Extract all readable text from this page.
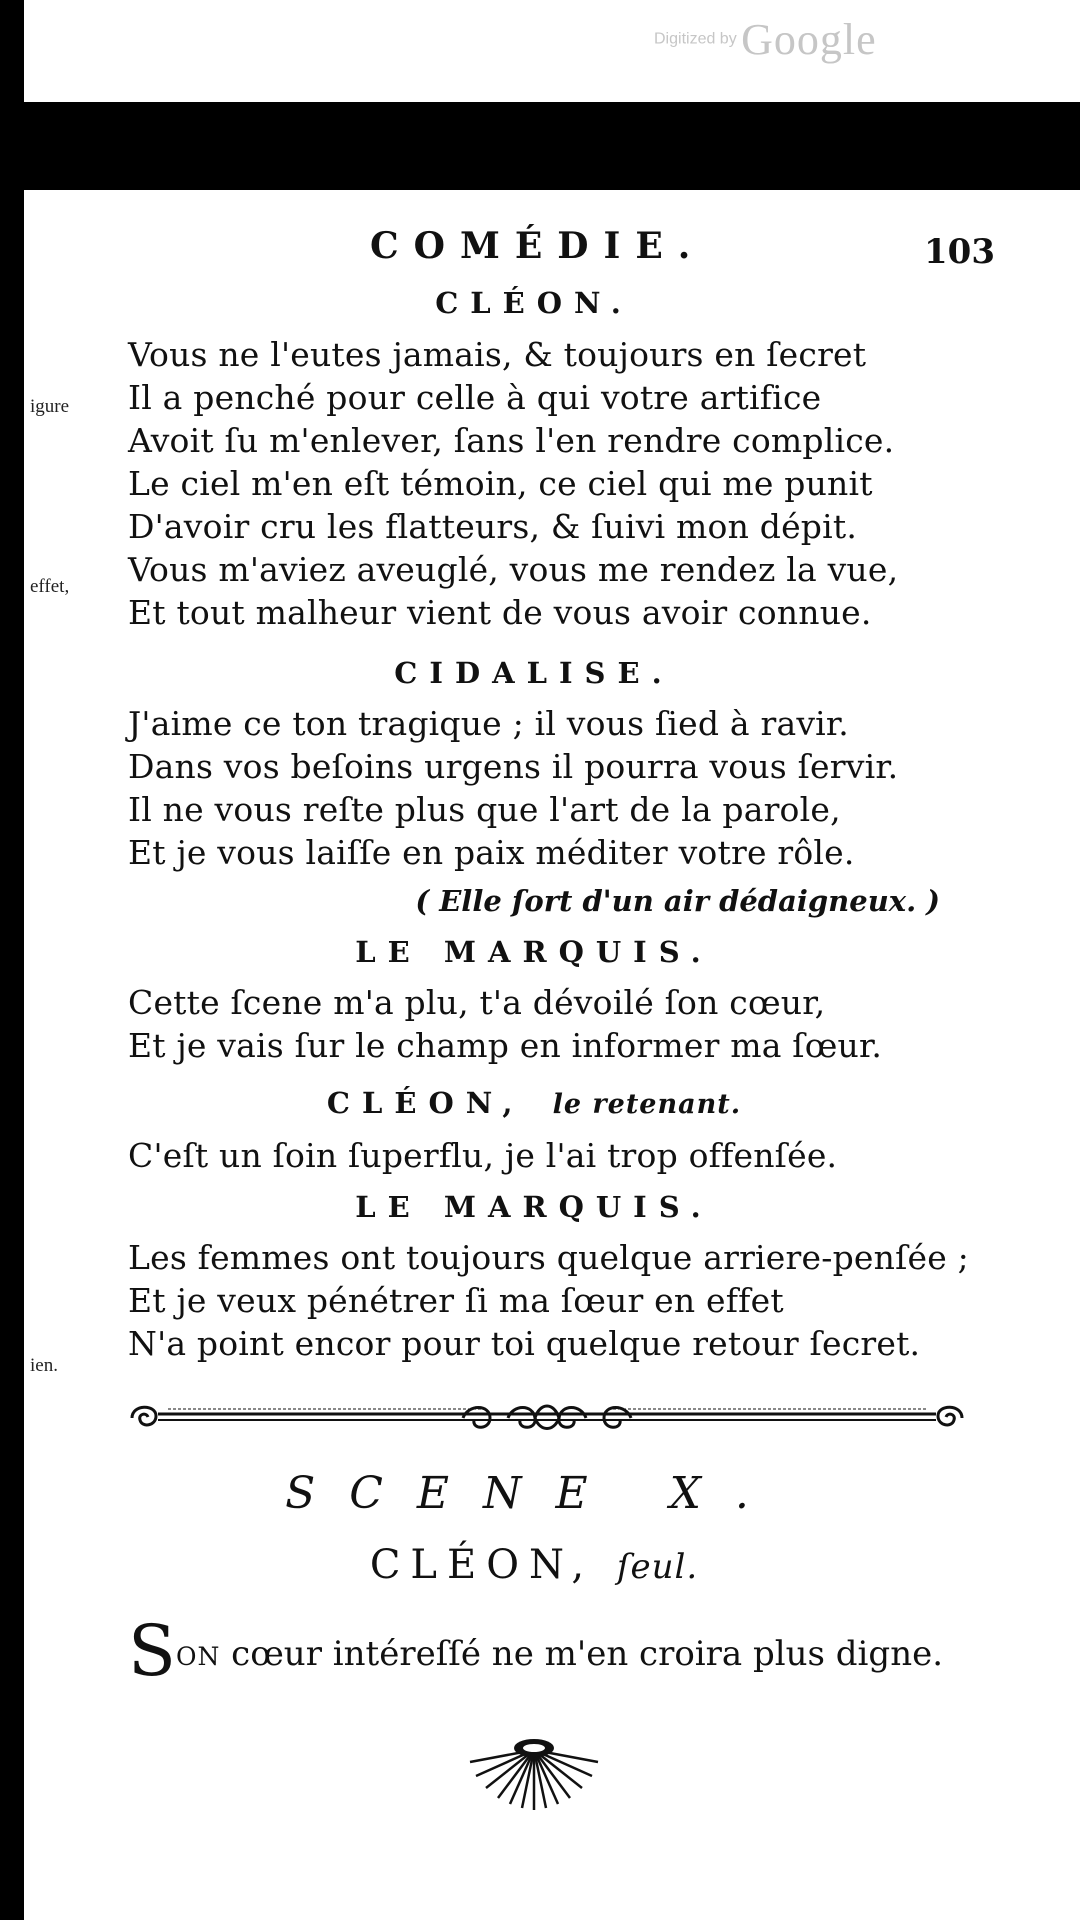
Digitized by Google
igure
effet,
ien.
COMÉDIE.	103
CLÉON.
Vous ne l'eutes jamais, & toujours en ſecret
Il a penché pour celle à qui votre artifice
Avoit ſu m'enlever, ſans l'en rendre complice.
Le ciel m'en eſt témoin, ce ciel qui me punit
D'avoir cru les flatteurs, & ſuivi mon dépit.
Vous m'aviez aveuglé, vous me rendez la vue,
Et tout malheur vient de vous avoir connue.
CIDALISE.
J'aime ce ton tragique ; il vous ſied à ravir.
Dans vos beſoins urgens il pourra vous ſervir.
Il ne vous reſte plus que l'art de la parole,
Et je vous laiſſe en paix méditer votre rôle.
( Elle ſort d'un air dédaigneux. )
LE MARQUIS.
Cette ſcene m'a plu, t'a dévoilé ſon cœur,
Et je vais ſur le champ en informer ma ſœur.
CLÉON, le retenant.
C'eſt un ſoin ſuperflu, je l'ai trop offenſée.
LE MARQUIS.
Les femmes ont toujours quelque arriere-penſée ;
Et je veux pénétrer ſi ma ſœur en effet
N'a point encor pour toi quelque retour ſecret.
SCENE X.
CLÉON, ſeul.
SON cœur intéreſſé ne m'en croira plus digne.
